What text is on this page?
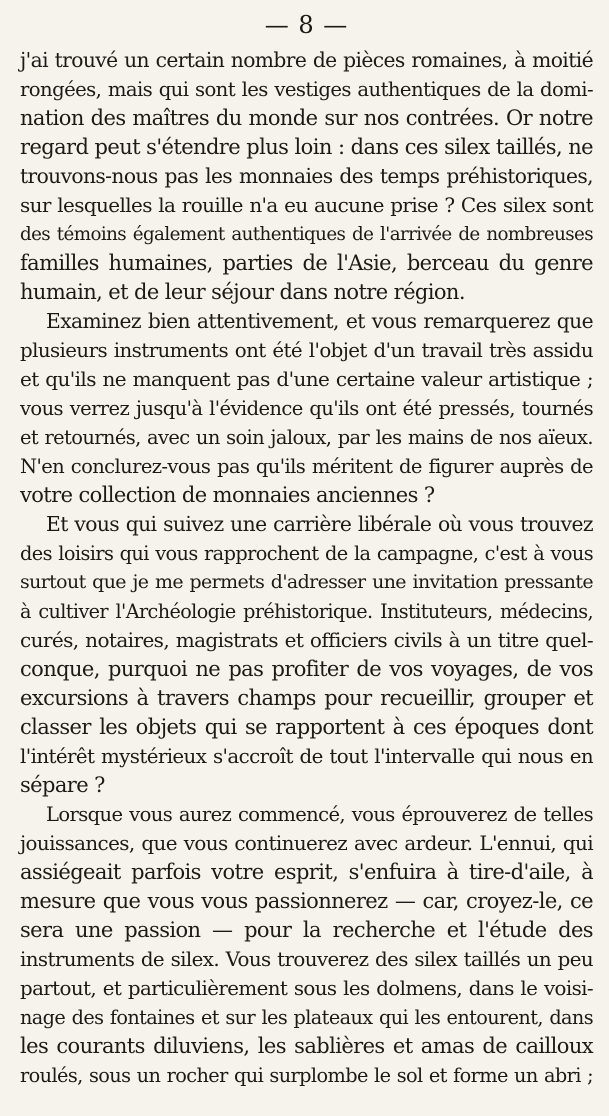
— 8 —
j'ai trouvé un certain nombre de pièces romaines, à moitié
rongées, mais qui sont les vestiges authentiques de la domi-
nation des maîtres du monde sur nos contrées. Or notre
regard peut s'étendre plus loin : dans ces silex taillés, ne
trouvons-nous pas les monnaies des temps préhistoriques,
sur lesquelles la rouille n'a eu aucune prise ? Ces silex sont
des témoins également authentiques de l'arrivée de nombreuses
familles humaines, parties de l'Asie, berceau du genre
humain, et de leur séjour dans notre région.
Examinez bien attentivement, et vous remarquerez que
plusieurs instruments ont été l'objet d'un travail très assidu
et qu'ils ne manquent pas d'une certaine valeur artistique ;
vous verrez jusqu'à l'évidence qu'ils ont été pressés, tournés
et retournés, avec un soin jaloux, par les mains de nos aïeux.
N'en conclurez-vous pas qu'ils méritent de figurer auprès de
votre collection de monnaies anciennes ?
Et vous qui suivez une carrière libérale où vous trouvez
des loisirs qui vous rapprochent de la campagne, c'est à vous
surtout que je me permets d'adresser une invitation pressante
à cultiver l'Archéologie préhistorique. Instituteurs, médecins,
curés, notaires, magistrats et officiers civils à un titre quel-
conque, purquoi ne pas profiter de vos voyages, de vos
excursions à travers champs pour recueillir, grouper et
classer les objets qui se rapportent à ces époques dont
l'intérêt mystérieux s'accroît de tout l'intervalle qui nous en
sépare ?
Lorsque vous aurez commencé, vous éprouverez de telles
jouissances, que vous continuerez avec ardeur. L'ennui, qui
assiégeait parfois votre esprit, s'enfuira à tire-d'aile, à
mesure que vous vous passionnerez — car, croyez-le, ce
sera une passion — pour la recherche et l'étude des
instruments de silex. Vous trouverez des silex taillés un peu
partout, et particulièrement sous les dolmens, dans le voisi-
nage des fontaines et sur les plateaux qui les entourent, dans
les courants diluviens, les sablières et amas de cailloux
roulés, sous un rocher qui surplombe le sol et forme un abri ;
